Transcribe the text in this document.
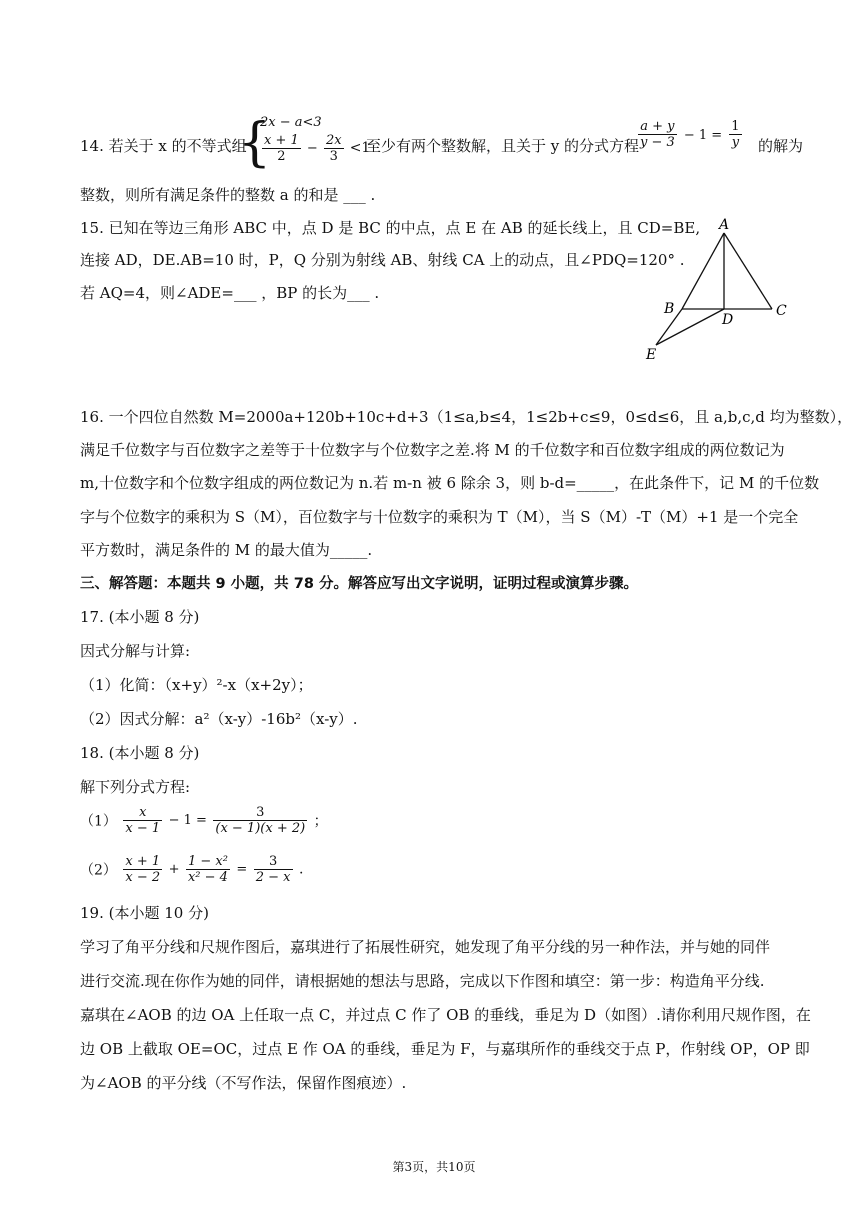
14. 若关于 x 的不等式组
{
2x − a<3
$\frac{x + 1}{2} - \frac{2x}{3} <1$
至少有两个整数解，且关于 y 的分式方程
$\frac{a + y}{y - 3} - 1 = \frac{1}{y}$ 的解为
整数，则所有满足条件的整数 a 的和是 ___ .
15. 已知在等边三角形 ABC 中，点 D 是 BC 的中点，点 E 在 AB 的延长线上，且 CD=BE,
连接 AD，DE.AB=10 时，P，Q 分别为射线 AB、射线 CA 上的动点，且∠PDQ=120° .
若 AQ=4，则∠ADE=___ ，BP 的长为___ .
A
B	C
D
E
16. 一个四位自然数 M=2000a+120b+10c+d+3（1≤a,b≤4，1≤2b+c≤9，0≤d≤6，且 a,b,c,d 均为整数），
满足千位数字与百位数字之差等于十位数字与个位数字之差.将 M 的千位数字和百位数字组成的两位数记为
m,十位数字和个位数字组成的两位数记为 n.若 m-n 被 6 除余 3，则 b-d=_____，在此条件下，记 M 的千位数
字与个位数字的乘积为 S（M），百位数字与十位数字的乘积为 T（M），当 S（M）-T（M）+1 是一个完全
平方数时，满足条件的 M 的最大值为_____.
三、解答题：本题共 9 小题，共 78 分。解答应写出文字说明，证明过程或演算步骤。
17. (本小题 8 分)
因式分解与计算:
（1）化简：（x+y）²-x（x+2y）；
（2）因式分解：a²（x-y）-16b²（x-y）.
18. (本小题 8 分)
解下列分式方程:
$(1) \frac{x}{x - 1} - 1 = \frac{3}{(x - 1)(x + 2)}$ ；
$(2) \frac{x + 1}{x - 2} + \frac{\text{1 − x²}}{\text{x² − 4}} = \frac{3}{2 - x}$ .
19. (本小题 10 分)
学习了角平分线和尺规作图后，嘉琪进行了拓展性研究，她发现了角平分线的另一种作法，并与她的同伴
进行交流.现在你作为她的同伴，请根据她的想法与思路，完成以下作图和填空：第一步：构造角平分线.
嘉琪在∠AOB 的边 OA 上任取一点 C，并过点 C 作了 OB 的垂线，垂足为 D（如图）.请你利用尺规作图，在
边 OB 上截取 OE=OC，过点 E 作 OA 的垂线，垂足为 F，与嘉琪所作的垂线交于点 P，作射线 OP，OP 即
为∠AOB 的平分线（不写作法，保留作图痕迹）.
第3页，共10页
